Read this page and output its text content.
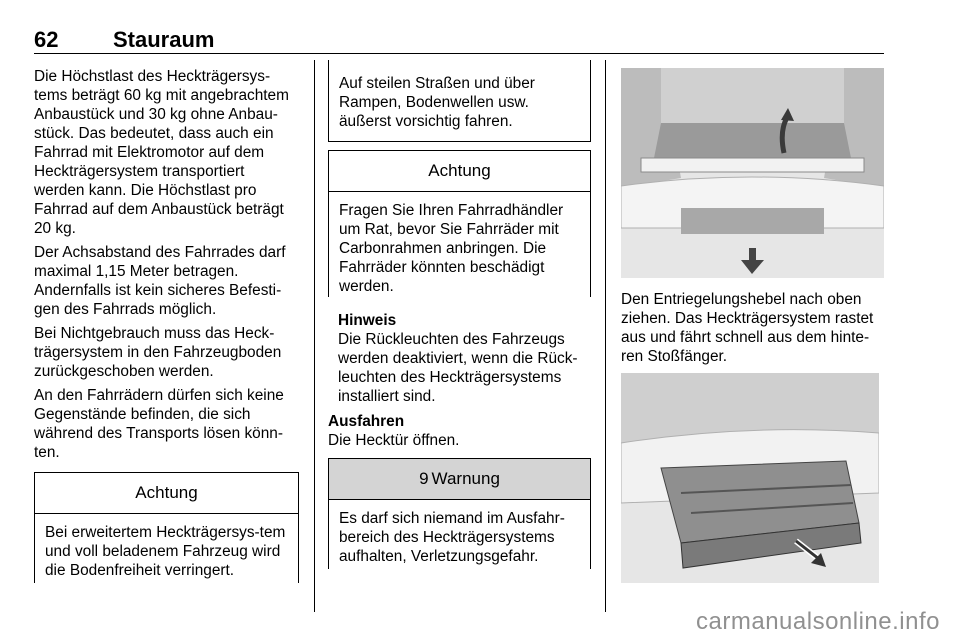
62 Stauraum

Die Höchstlast des Heckträgersys-tems beträgt 60 kg mit angebrachtem Anbaustück und 30 kg ohne Anbau-stück. Das bedeutet, dass auch ein Fahrrad mit Elektromotor auf dem Heckträgersystem transportiert werden kann. Die Höchstlast pro Fahrrad auf dem Anbaustück beträgt 20 kg.

Der Achsabstand des Fahrrades darf maximal 1,15 Meter betragen. Andernfalls ist kein sicheres Befesti-gen des Fahrrads möglich.

Bei Nichtgebrauch muss das Heck-trägersystem in den Fahrzeugboden zurückgeschoben werden.

An den Fahrrädern dürfen sich keine Gegenstände befinden, die sich während des Transports lösen könn-ten.

Achtung
Bei erweitertem Heckträgersys-tem und voll beladenem Fahrzeug wird die Bodenfreiheit verringert.
Auf steilen Straßen und über Rampen, Bodenwellen usw. äußerst vorsichtig fahren.
Achtung
Fragen Sie Ihren Fahrradhändler um Rat, bevor Sie Fahrräder mit Carbonrahmen anbringen. Die Fahrräder könnten beschädigt werden.
Hinweis
Die Rückleuchten des Fahrzeugs werden deaktiviert, wenn die Rück-leuchten des Heckträgersystems installiert sind.
Ausfahren
Die Hecktür öffnen.
9 Warnung
Es darf sich niemand im Ausfahr-bereich des Heckträgersystems aufhalten, Verletzungsgefahr.

Den Entriegelungshebel nach oben ziehen. Das Heckträgersystem rastet aus und fährt schnell aus dem hinte-ren Stoßfänger.

carmanualsonline.info
